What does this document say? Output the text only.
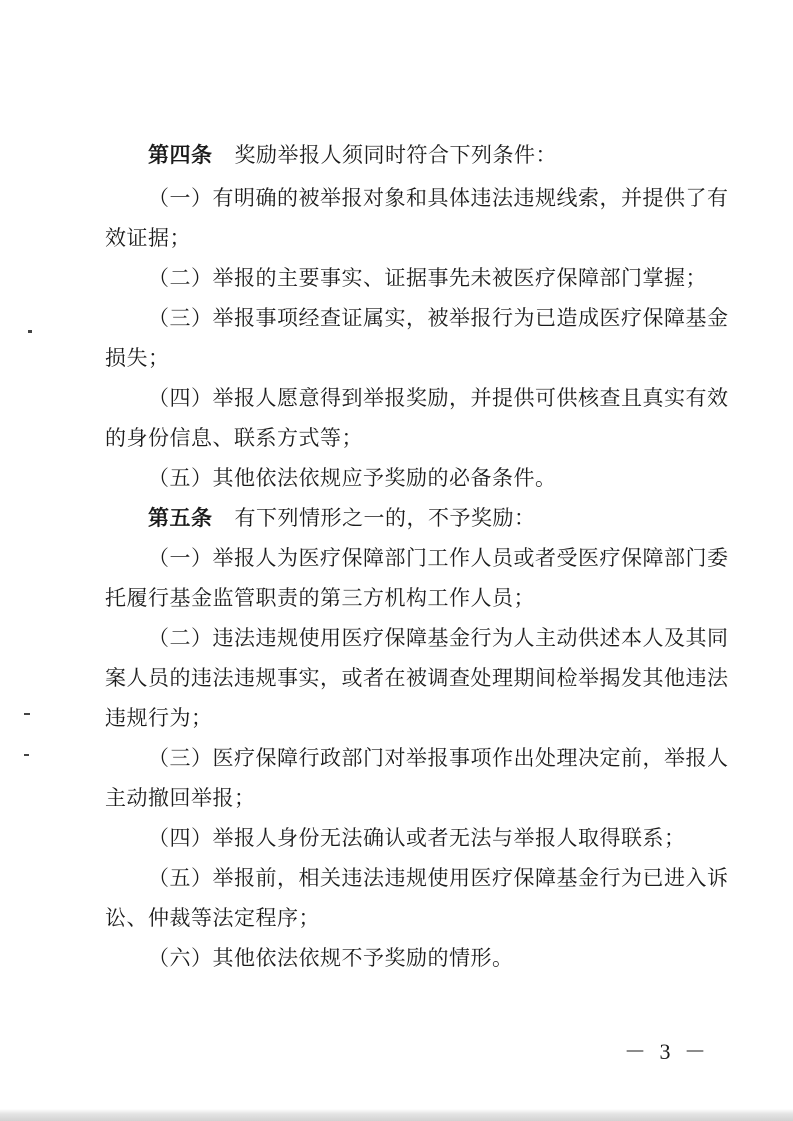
第四条 奖励举报人须同时符合下列条件：
（一）有明确的被举报对象和具体违法违规线索，并提供了有
效证据；
（二）举报的主要事实、证据事先未被医疗保障部门掌握；
（三）举报事项经查证属实，被举报行为已造成医疗保障基金
损失；
（四）举报人愿意得到举报奖励，并提供可供核查且真实有效
的身份信息、联系方式等；
（五）其他依法依规应予奖励的必备条件。
第五条 有下列情形之一的，不予奖励：
（一）举报人为医疗保障部门工作人员或者受医疗保障部门委
托履行基金监管职责的第三方机构工作人员；
（二）违法违规使用医疗保障基金行为人主动供述本人及其同
案人员的违法违规事实，或者在被调查处理期间检举揭发其他违法
违规行为；
（三）医疗保障行政部门对举报事项作出处理决定前，举报人
主动撤回举报；
（四）举报人身份无法确认或者无法与举报人取得联系；
（五）举报前，相关违法违规使用医疗保障基金行为已进入诉
讼、仲裁等法定程序；
（六）其他依法依规不予奖励的情形。
－ 3 －
